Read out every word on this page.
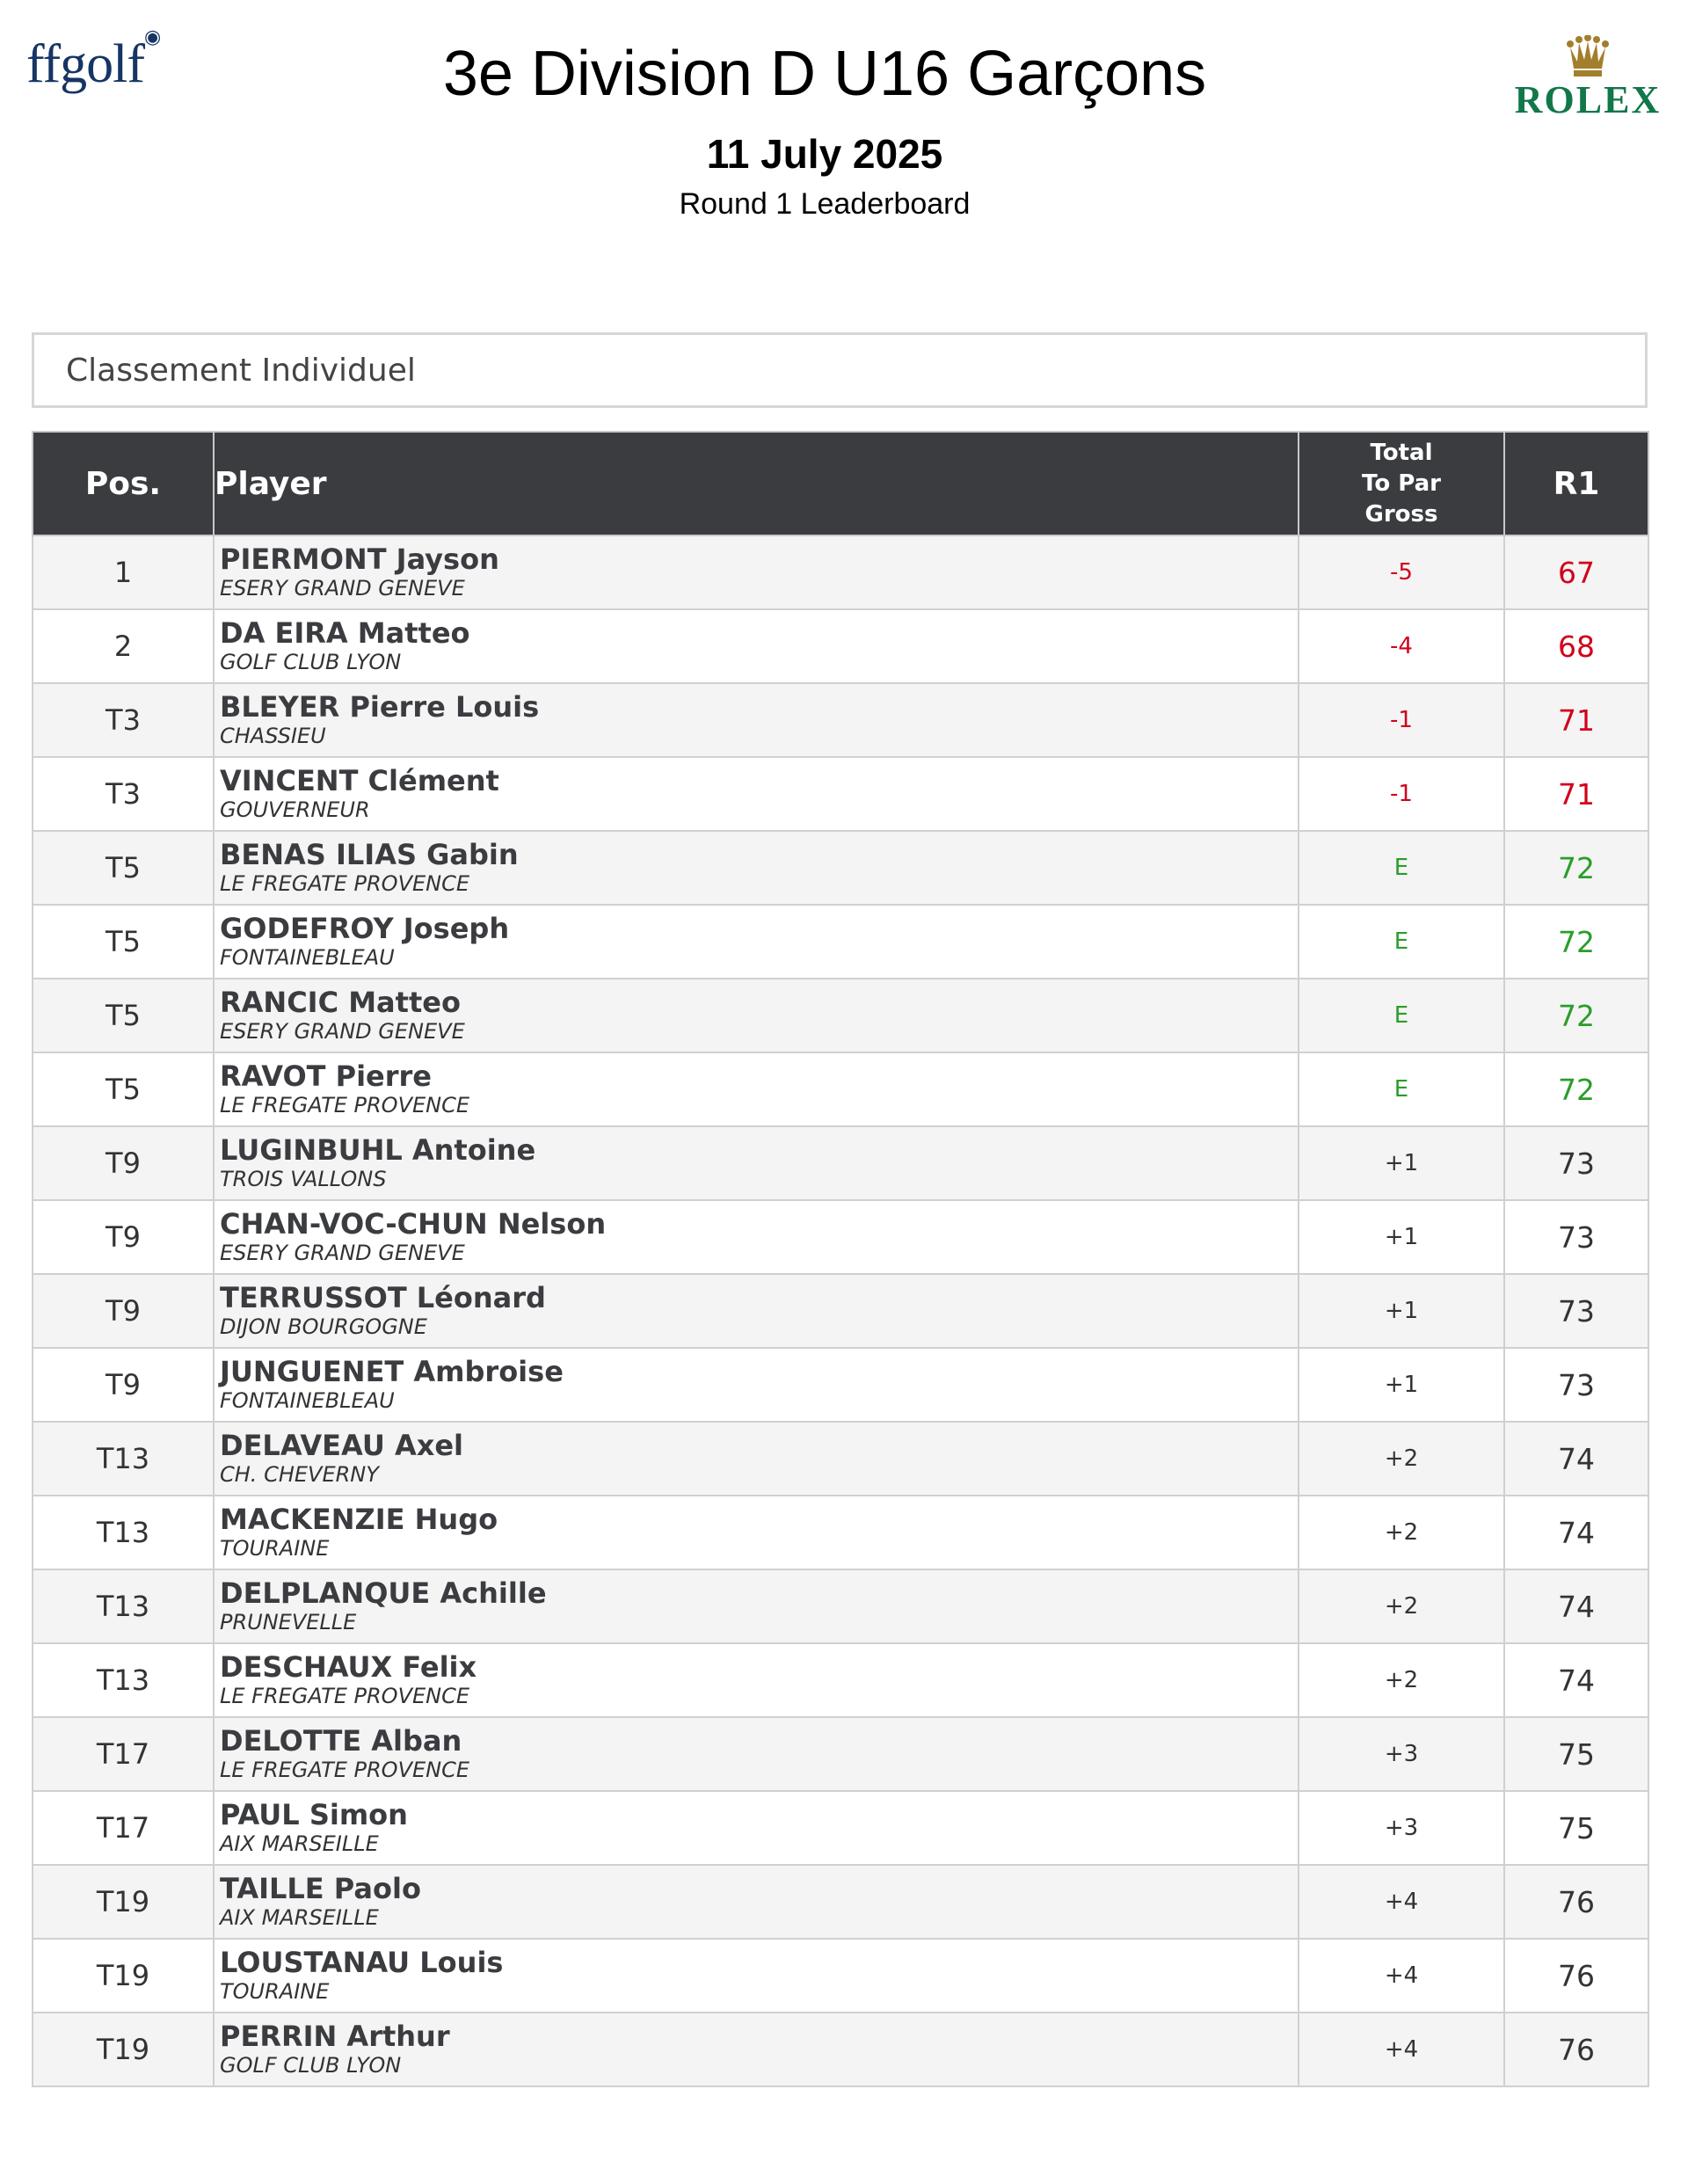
ffgolf◉
ROLEX
3e Division D U16 Garçons
11 July 2025
Round 1 Leaderboard
Classement Individuel
Pos.	Player	Total
To Par
Gross	R1
1	PIERMONT Jayson
ESERY GRAND GENEVE	-5	67
2	DA EIRA Matteo
GOLF CLUB LYON	-4	68
T3	BLEYER Pierre Louis
CHASSIEU	-1	71
T3	VINCENT Clément
GOUVERNEUR	-1	71
T5	BENAS ILIAS Gabin
LE FREGATE PROVENCE	E	72
T5	GODEFROY Joseph
FONTAINEBLEAU	E	72
T5	RANCIC Matteo
ESERY GRAND GENEVE	E	72
T5	RAVOT Pierre
LE FREGATE PROVENCE	E	72
T9	LUGINBUHL Antoine
TROIS VALLONS	+1	73
T9	CHAN-VOC-CHUN Nelson
ESERY GRAND GENEVE	+1	73
T9	TERRUSSOT Léonard
DIJON BOURGOGNE	+1	73
T9	JUNGUENET Ambroise
FONTAINEBLEAU	+1	73
T13	DELAVEAU Axel
CH. CHEVERNY	+2	74
T13	MACKENZIE Hugo
TOURAINE	+2	74
T13	DELPLANQUE Achille
PRUNEVELLE	+2	74
T13	DESCHAUX Felix
LE FREGATE PROVENCE	+2	74
T17	DELOTTE Alban
LE FREGATE PROVENCE	+3	75
T17	PAUL Simon
AIX MARSEILLE	+3	75
T19	TAILLE Paolo
AIX MARSEILLE	+4	76
T19	LOUSTANAU Louis
TOURAINE	+4	76
T19	PERRIN Arthur
GOLF CLUB LYON	+4	76
